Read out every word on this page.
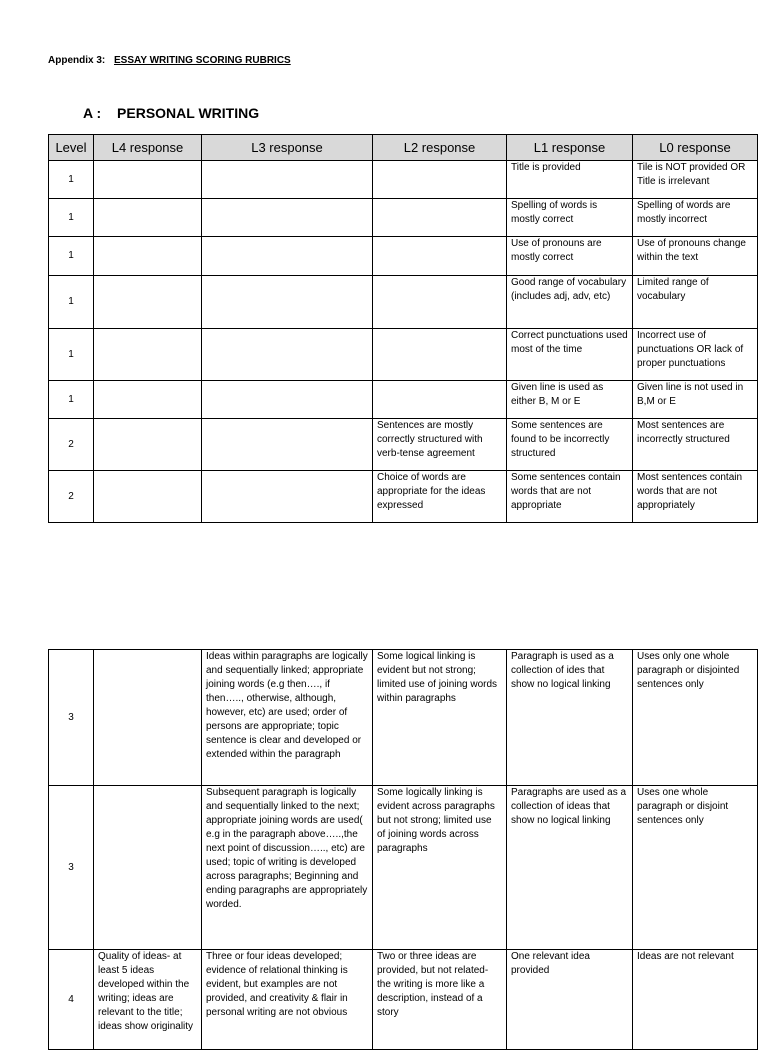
Appendix 3: ESSAY WRITING SCORING RUBRICS
A : PERSONAL WRITING
Level	L4 response	L3 response	L2 response	L1 response	L0 response
1				Title is provided	Tile is NOT provided OR Title is irrelevant
1				Spelling of words is mostly correct	Spelling of words are mostly incorrect
1				Use of pronouns are mostly correct	Use of pronouns change within the text
1				Good range of vocabulary (includes adj, adv, etc)	Limited range of vocabulary
1				Correct punctuations used most of the time	Incorrect use of punctuations OR lack of proper punctuations
1				Given line is used as either B, M or E	Given line is not used in B,M or E
2			Sentences are mostly correctly structured with verb-tense agreement	Some sentences are found to be incorrectly structured	Most sentences are incorrectly structured
2			Choice of words are appropriate for the ideas expressed	Some sentences contain words that are not appropriate	Most sentences contain words that are not appropriately
3		Ideas within paragraphs are logically and sequentially linked; appropriate joining words (e.g then…., if then….., otherwise, although, however, etc) are used; order of persons are appropriate; topic sentence is clear and developed or extended within the paragraph	Some logical linking is evident but not strong; limited use of joining words within paragraphs	Paragraph is used as a collection of ides that show no logical linking	Uses only one whole paragraph or disjointed sentences only
3		Subsequent paragraph is logically and sequentially linked to the next; appropriate joining words are used( e.g in the paragraph above…..,the next point of discussion….., etc) are used; topic of writing is developed across paragraphs; Beginning and ending paragraphs are appropriately worded.	Some logically linking is evident across paragraphs but not strong; limited use of joining words across paragraphs	Paragraphs are used as a collection of ideas that show no logical linking	Uses one whole paragraph or disjoint sentences only
4	Quality of ideas- at least 5 ideas developed within the writing; ideas are relevant to the title; ideas show originality	Three or four ideas developed; evidence of relational thinking is evident, but examples are not provided, and creativity & flair in personal writing are not obvious	Two or three ideas are provided, but not related- the writing is more like a description, instead of a story	One relevant idea provided	Ideas are not relevant
